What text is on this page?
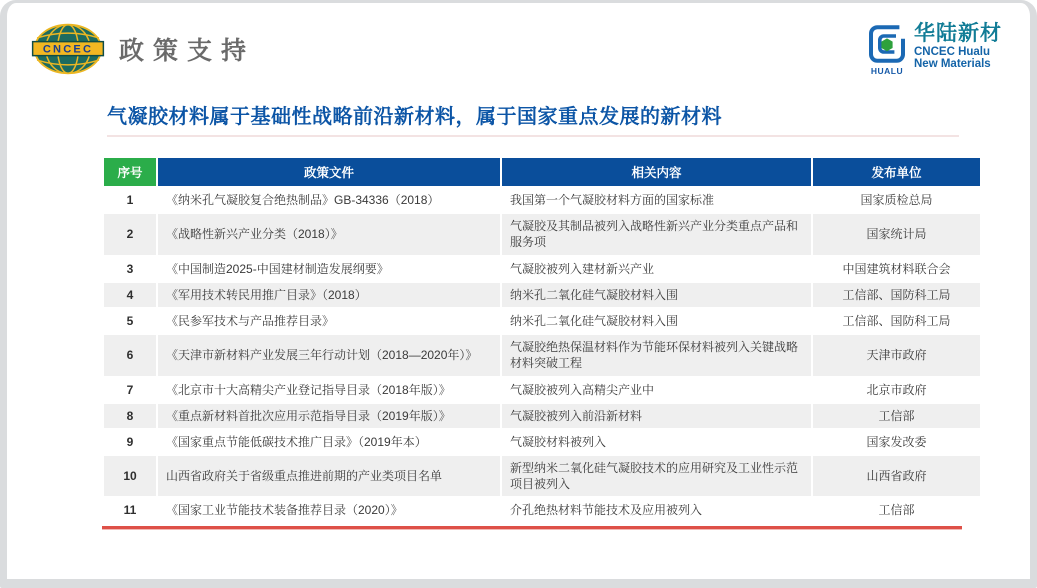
CNCEC 政策支持
HUALU
华陆新材
CNCEC Hualu
New Materials
气凝胶材料属于基础性战略前沿新材料，属于国家重点发展的新材料
序号	政策文件	相关内容	发布单位
1	《纳米孔气凝胶复合绝热制品》GB-34336（2018）	我国第一个气凝胶材料方面的国家标准	国家质检总局
2	《战略性新兴产业分类（2018）》	气凝胶及其制品被列入战略性新兴产业分类重点产品和服务项	国家统计局
3	《中国制造2025-中国建材制造发展纲要》	气凝胶被列入建材新兴产业	中国建筑材料联合会
4	《军用技术转民用推广目录》（2018）	纳米孔二氧化硅气凝胶材料入围	工信部、国防科工局
5	《民参军技术与产品推荐目录》	纳米孔二氧化硅气凝胶材料入围	工信部、国防科工局
6	《天津市新材料产业发展三年行动计划（2018—2020年）》	气凝胶绝热保温材料作为节能环保材料被列入关键战略材料突破工程	天津市政府
7	《北京市十大高精尖产业登记指导目录（2018年版）》	气凝胶被列入高精尖产业中	北京市政府
8	《重点新材料首批次应用示范指导目录（2019年版）》	气凝胶被列入前沿新材料	工信部
9	《国家重点节能低碳技术推广目录》（2019年本）	气凝胶材料被列入	国家发改委
10	山西省政府关于省级重点推进前期的产业类项目名单	新型纳米二氧化硅气凝胶技术的应用研究及工业性示范项目被列入	山西省政府
11	《国家工业节能技术装备推荐目录（2020）》	介孔绝热材料节能技术及应用被列入	工信部
